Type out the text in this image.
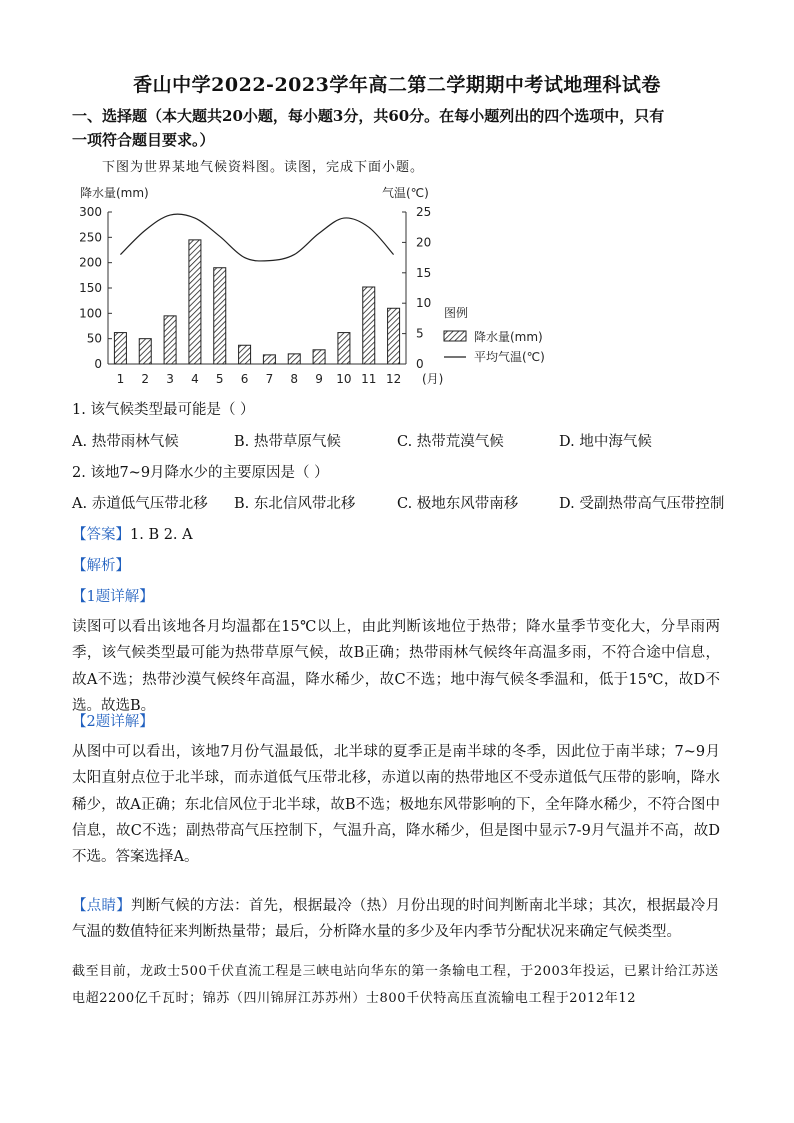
香山中学2022-2023学年高二第二学期期中考试地理科试卷
一、选择题（本大题共20小题，每小题3分，共60分。在每小题列出的四个选项中，只有
一项符合题目要求。）
下图为世界某地气候资料图。读图，完成下面小题。
0
50
100
150
200
250
300
0
5
10
15
20
25
降水量(mm)	气温(℃)
1 2 3 4 5 6 7 8 9 10 11 12 (月)
图例
降水量(mm)
平均气温(℃)
1. 该气候类型最可能是（ ）
A. 热带雨林气候	B. 热带草原气候	C. 热带荒漠气候	D. 地中海气候
2. 该地7~9月降水少的主要原因是（ ）
A. 赤道低气压带北移 B. 东北信风带北移	C. 极地东风带南移	D. 受副热带高气压带控制
【答案】1. B 2. A
【解析】
【1题详解】
读图可以看出该地各月均温都在15℃以上，由此判断该地位于热带；降水量季节变化大，分旱雨两季，该气候类型最可能为热带草原气候，故B正确；热带雨林气候终年高温多雨，不符合途中信息，故A不选；热带沙漠气候终年高温，降水稀少，故C不选；地中海气候冬季温和，低于15℃，故D不选。故选B。
【2题详解】
从图中可以看出，该地7月份气温最低，北半球的夏季正是南半球的冬季，因此位于南半球；7~9月太阳直射点位于北半球，而赤道低气压带北移，赤道以南的热带地区不受赤道低气压带的影响，降水稀少，故A正确；东北信风位于北半球，故B不选；极地东风带影响的下，全年降水稀少，不符合图中信息，故C不选；副热带高气压控制下，气温升高，降水稀少，但是图中显示7-9月气温并不高，故D不选。答案选择A。
【点睛】判断气候的方法：首先，根据最冷（热）月份出现的时间判断南北半球；其次，根据最冷月气温的数值特征来判断热量带；最后，分析降水量的多少及年内季节分配状况来确定气候类型。
截至目前，龙政士500千伏直流工程是三峡电站向华东的第一条输电工程，于2003年投运，已累计给江苏送电超2200亿千瓦时；锦苏（四川锦屏江苏苏州）士800千伏特高压直流输电工程于2012年12
